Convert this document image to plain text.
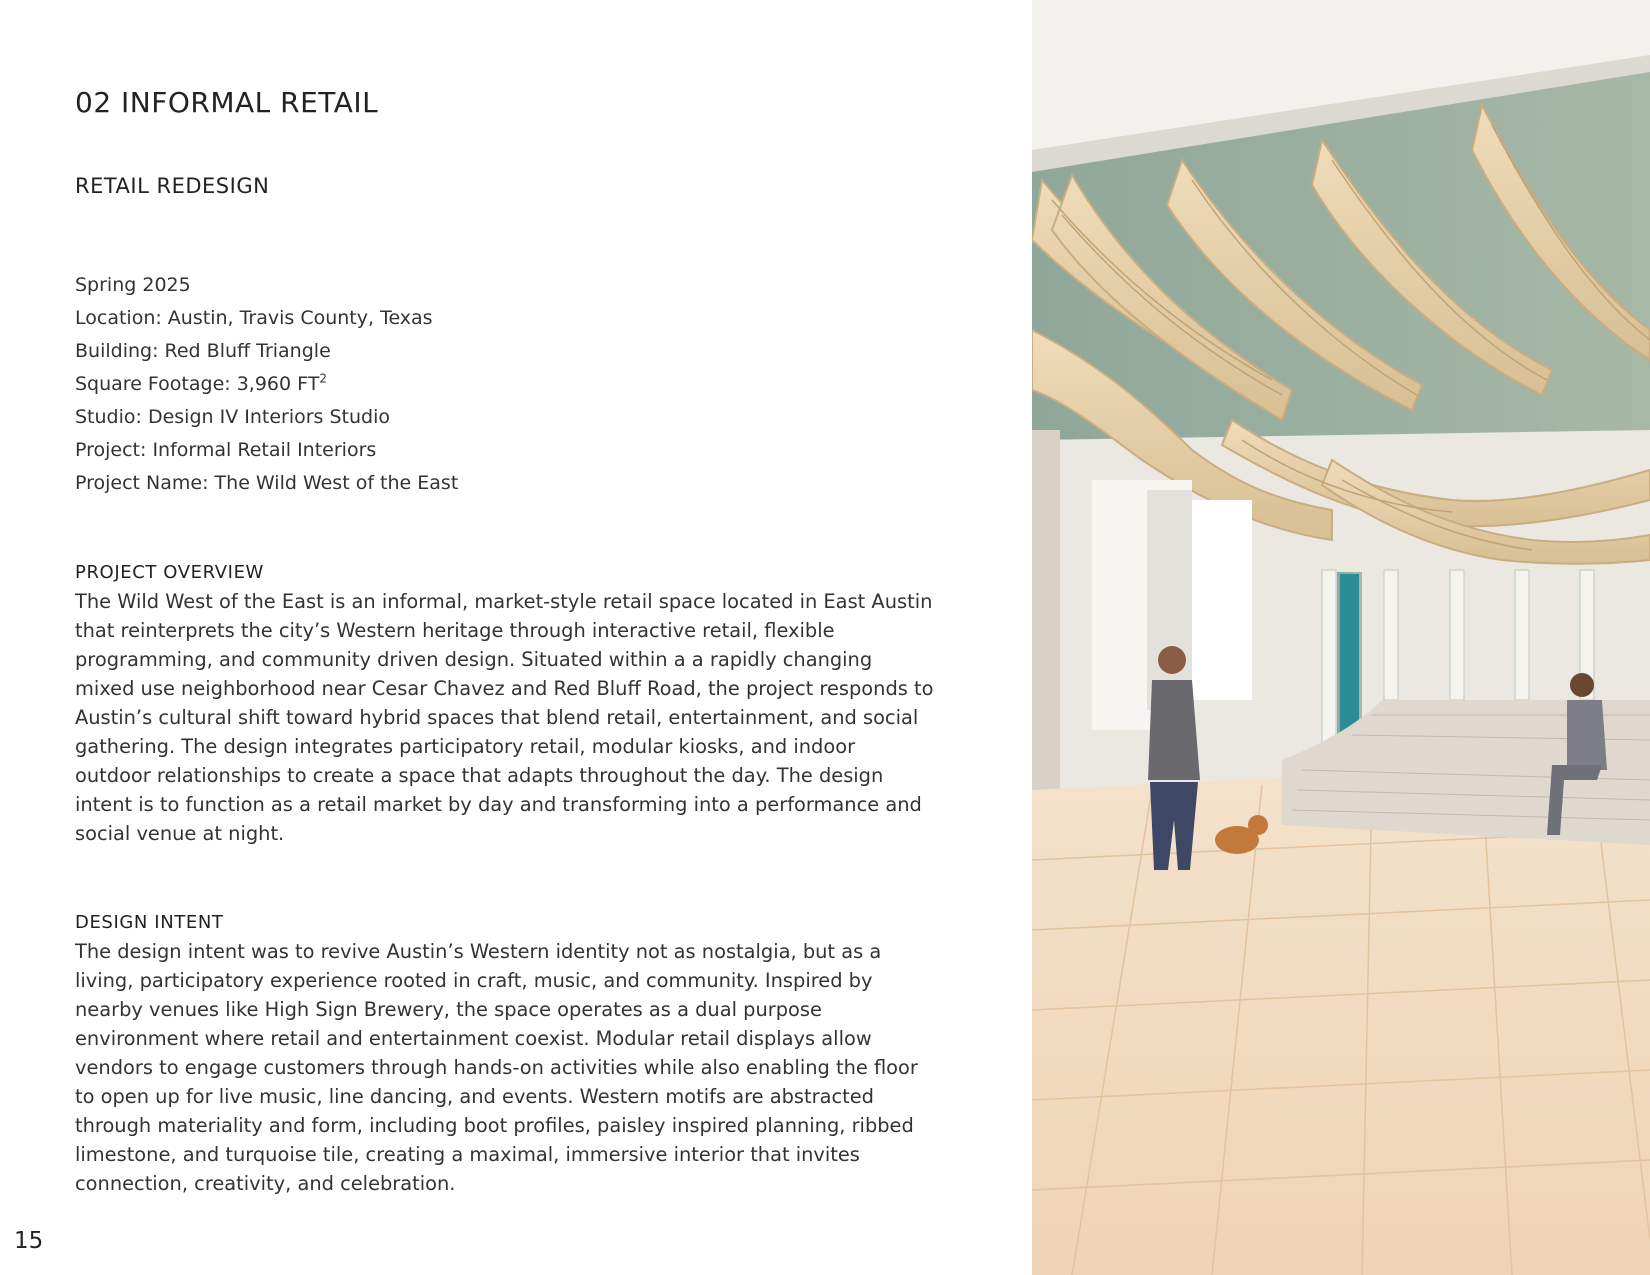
02 INFORMAL RETAIL
RETAIL REDESIGN
Spring 2025
Location: Austin, Travis County, Texas
Building: Red Bluff Triangle
Square Footage: 3,960 $FT^2$
Studio: Design IV Interiors Studio
Project: Informal Retail Interiors
Project Name: The Wild West of the East
PROJECT OVERVIEW

The Wild West of the East is an informal, market-style retail space located in East Austin that reinterprets the city’s Western heritage through interactive retail, flexible programming, and community driven design. Situated within a a rapidly changing mixed use neighborhood near Cesar Chavez and Red Bluff Road, the project responds to Austin’s cultural shift toward hybrid spaces that blend retail, entertainment, and social gathering. The design integrates participatory retail, modular kiosks, and indoor outdoor relationships to create a space that adapts throughout the day. The design intent is to function as a retail market by day and transforming into a performance and social venue at night.

DESIGN INTENT

The design intent was to revive Austin’s Western identity not as nostalgia, but as a living, participatory experience rooted in craft, music, and community. Inspired by nearby venues like High Sign Brewery, the space operates as a dual purpose environment where retail and entertainment coexist. Modular retail displays allow vendors to engage customers through hands-on activities while also enabling the floor to open up for live music, line dancing, and events. Western motifs are abstracted through materiality and form, including boot profiles, paisley inspired planning, ribbed limestone, and turquoise tile, creating a maximal, immersive interior that invites connection, creativity, and celebration.

15
